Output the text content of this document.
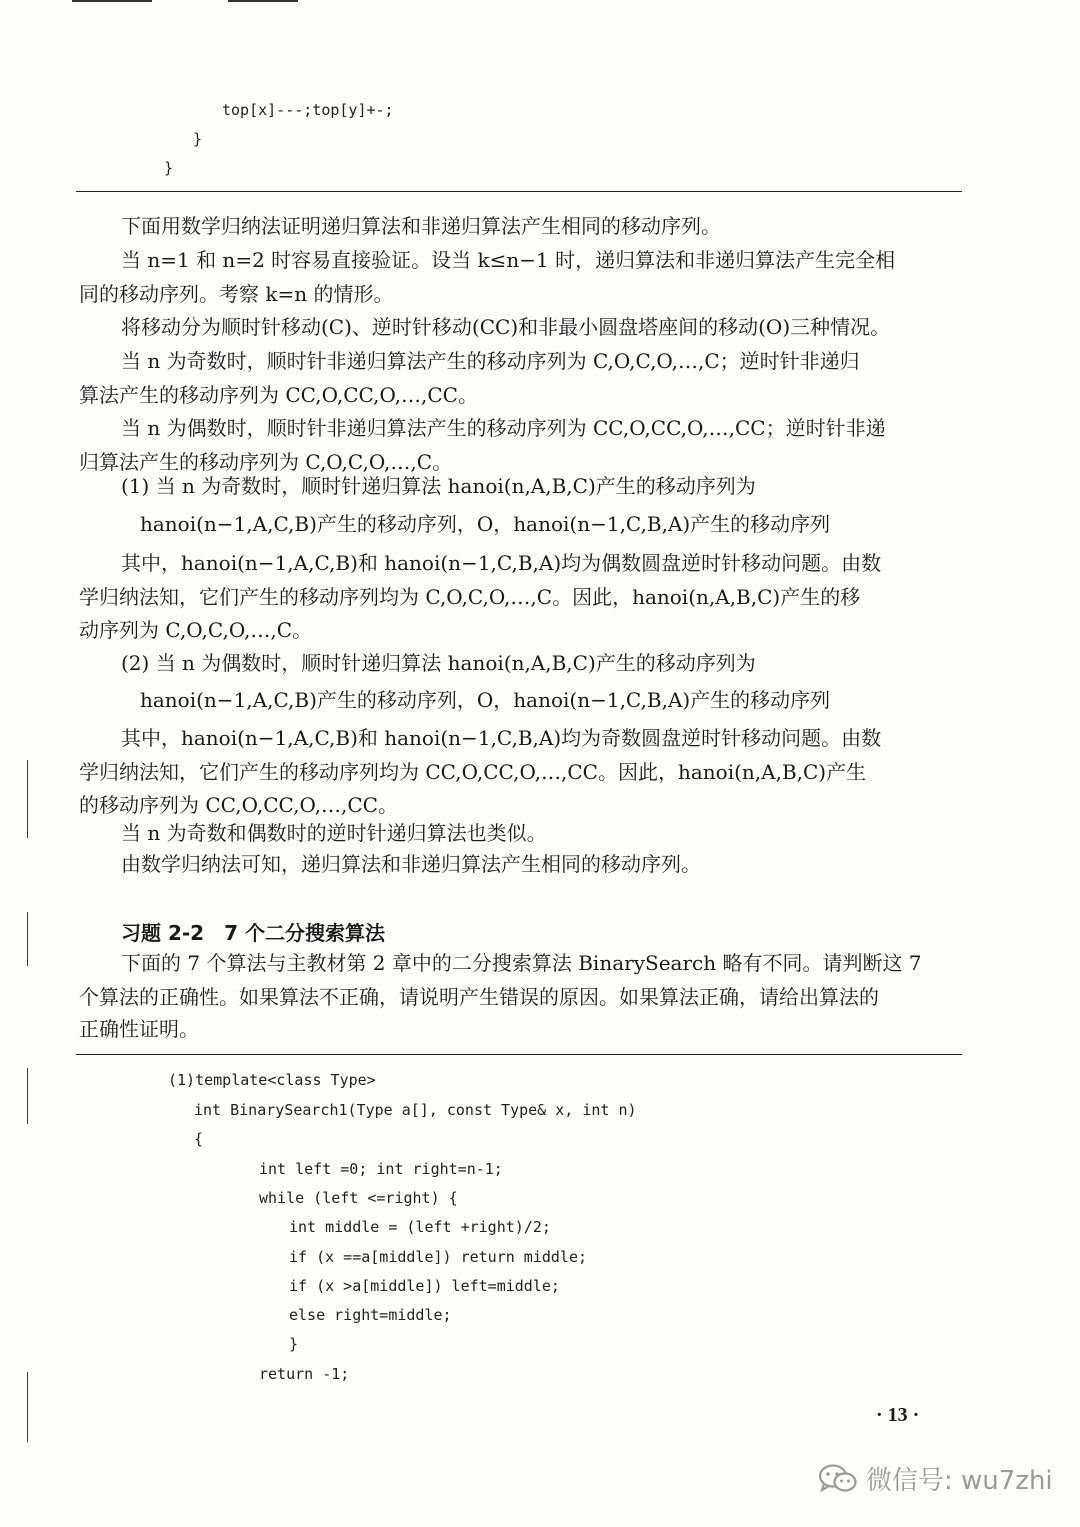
top[x]---;top[y]+-;
}
}
下面用数学归纳法证明递归算法和非递归算法产生相同的移动序列。
当 n=1 和 n=2 时容易直接验证。设当 k≤n−1 时，递归算法和非递归算法产生完全相
同的移动序列。考察 k=n 的情形。
将移动分为顺时针移动(C)、逆时针移动(CC)和非最小圆盘塔座间的移动(O)三种情况。
当 n 为奇数时，顺时针非递归算法产生的移动序列为 C,O,C,O,…,C；逆时针非递归
算法产生的移动序列为 CC,O,CC,O,…,CC。
当 n 为偶数时，顺时针非递归算法产生的移动序列为 CC,O,CC,O,…,CC；逆时针非递
归算法产生的移动序列为 C,O,C,O,…,C。
(1) 当 n 为奇数时，顺时针递归算法 hanoi(n,A,B,C)产生的移动序列为
hanoi(n−1,A,C,B)产生的移动序列，O，hanoi(n−1,C,B,A)产生的移动序列
其中，hanoi(n−1,A,C,B)和 hanoi(n−1,C,B,A)均为偶数圆盘逆时针移动问题。由数
学归纳法知，它们产生的移动序列均为 C,O,C,O,…,C。因此，hanoi(n,A,B,C)产生的移
动序列为 C,O,C,O,…,C。
(2) 当 n 为偶数时，顺时针递归算法 hanoi(n,A,B,C)产生的移动序列为
hanoi(n−1,A,C,B)产生的移动序列，O，hanoi(n−1,C,B,A)产生的移动序列
其中，hanoi(n−1,A,C,B)和 hanoi(n−1,C,B,A)均为奇数圆盘逆时针移动问题。由数
学归纳法知，它们产生的移动序列均为 CC,O,CC,O,…,CC。因此，hanoi(n,A,B,C)产生
的移动序列为 CC,O,CC,O,…,CC。
当 n 为奇数和偶数时的逆时针递归算法也类似。
由数学归纳法可知，递归算法和非递归算法产生相同的移动序列。
习题 2-2　7 个二分搜索算法
下面的 7 个算法与主教材第 2 章中的二分搜索算法 BinarySearch 略有不同。请判断这 7
个算法的正确性。如果算法不正确，请说明产生错误的原因。如果算法正确，请给出算法的
正确性证明。
(1)template<class Type>
int BinarySearch1(Type a[], const Type& x, int n)
{
int left =0; int right=n-1;
while (left <=right) {
int middle = (left +right)/2;
if (x ==a[middle]) return middle;
if (x >a[middle]) left=middle;
else right=middle;
}
return -1;
· 13 ·
微信号: wu7zhi
